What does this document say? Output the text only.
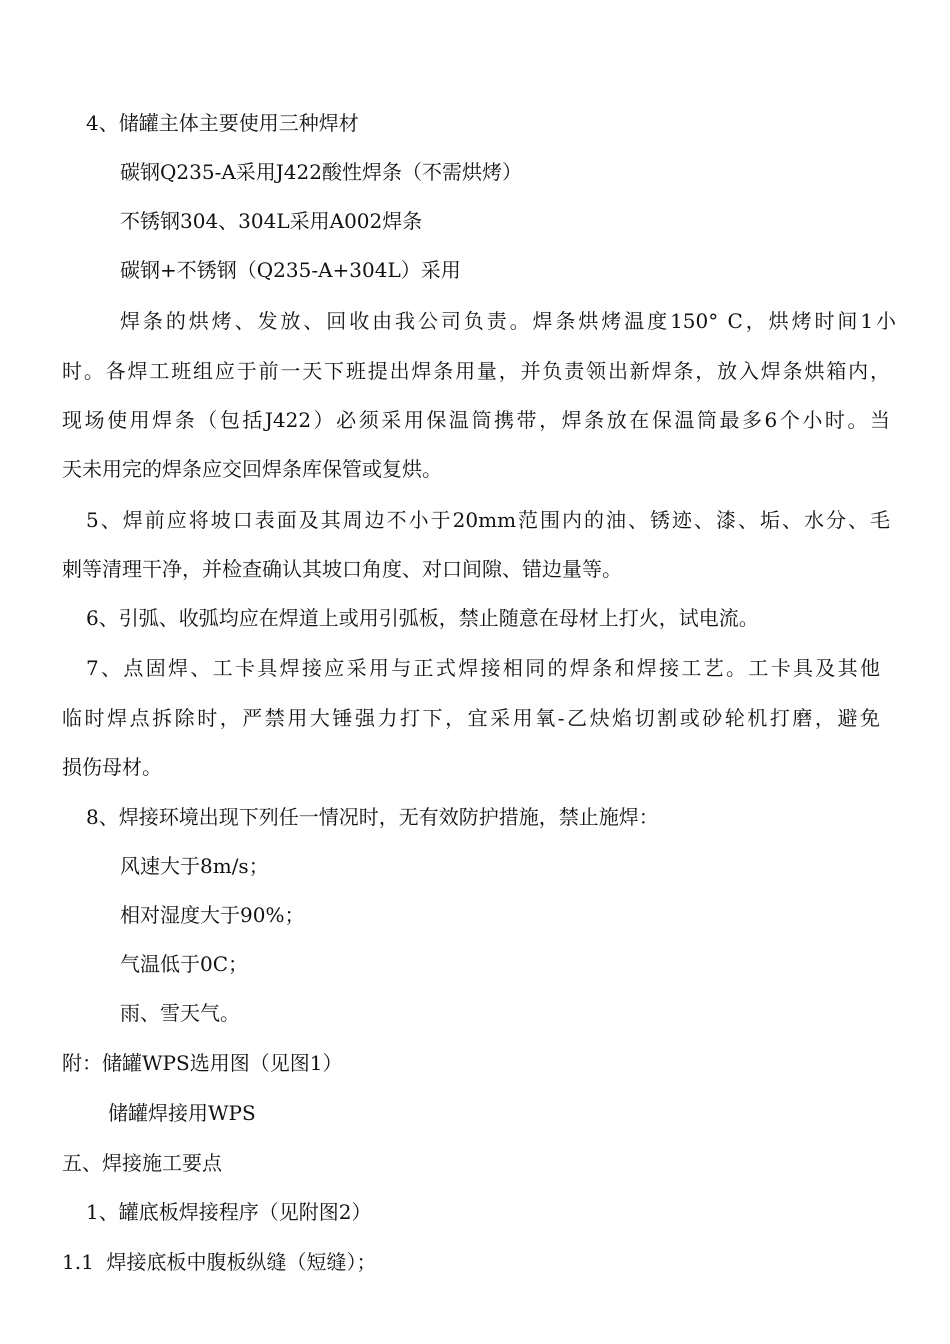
4、储罐主体主要使用三种焊材
碳钢Q235-A采用J422酸性焊条（不需烘烤）
不锈钢304、304L采用A002焊条
碳钢+不锈钢（Q235-A+304L）采用
焊条的烘烤、发放、回收由我公司负责。焊条烘烤温度150° C，烘烤时间1小
时。各焊工班组应于前一天下班提出焊条用量，并负责领出新焊条，放入焊条烘箱内，
现场使用焊条（包括J422）必须采用保温筒携带，焊条放在保温筒最多6个小时。当
天未用完的焊条应交回焊条库保管或复烘。
5、焊前应将坡口表面及其周边不小于20mm范围内的油、锈迹、漆、垢、水分、毛
刺等清理干净，并检查确认其坡口角度、对口间隙、错边量等。
6、引弧、收弧均应在焊道上或用引弧板，禁止随意在母材上打火，试电流。
7、点固焊、工卡具焊接应采用与正式焊接相同的焊条和焊接工艺。工卡具及其他
临时焊点拆除时，严禁用大锤强力打下，宜采用氧-乙炔焰切割或砂轮机打磨，避免
损伤母材。
8、焊接环境出现下列任一情况时，无有效防护措施，禁止施焊：
风速大于8m/s；
相对湿度大于90%；
气温低于0C；
雨、雪天气。
附：储罐WPS选用图（见图1）
储罐焊接用WPS
五、焊接施工要点
1、罐底板焊接程序（见附图2）
1.1  焊接底板中腹板纵缝（短缝）；
